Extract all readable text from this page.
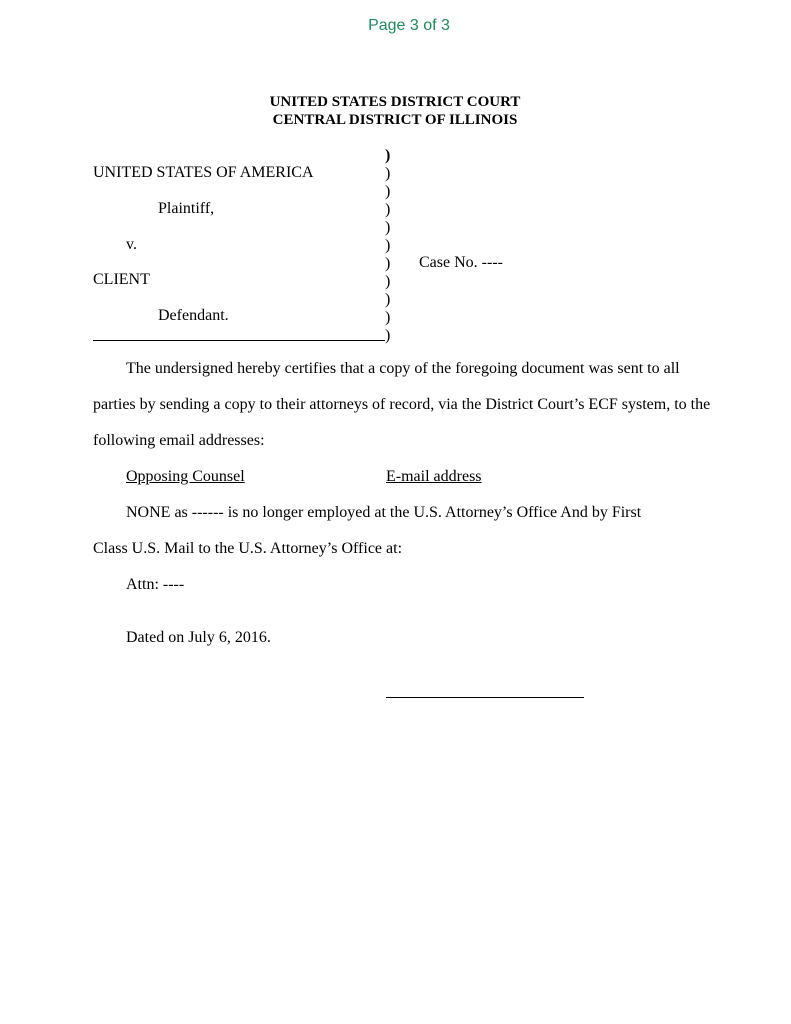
Page 3 of 3
UNITED STATES DISTRICT COURT
CENTRAL DISTRICT OF ILLINOIS
)
)
)
)
)
)
)
)
)
)
)
UNITED STATES OF AMERICA
Plaintiff,
v.
CLIENT
Defendant.
Case No. ----
The undersigned hereby certifies that a copy of the foregoing document was sent to all
parties by sending a copy to their attorneys of record, via the District Court’s ECF system, to the
following email addresses:
Opposing Counsel	E-mail address
NONE as ------ is no longer employed at the U.S. Attorney’s Office And by First
Class U.S. Mail to the U.S. Attorney’s Office at:
Attn: ----
Dated on July 6, 2016.
